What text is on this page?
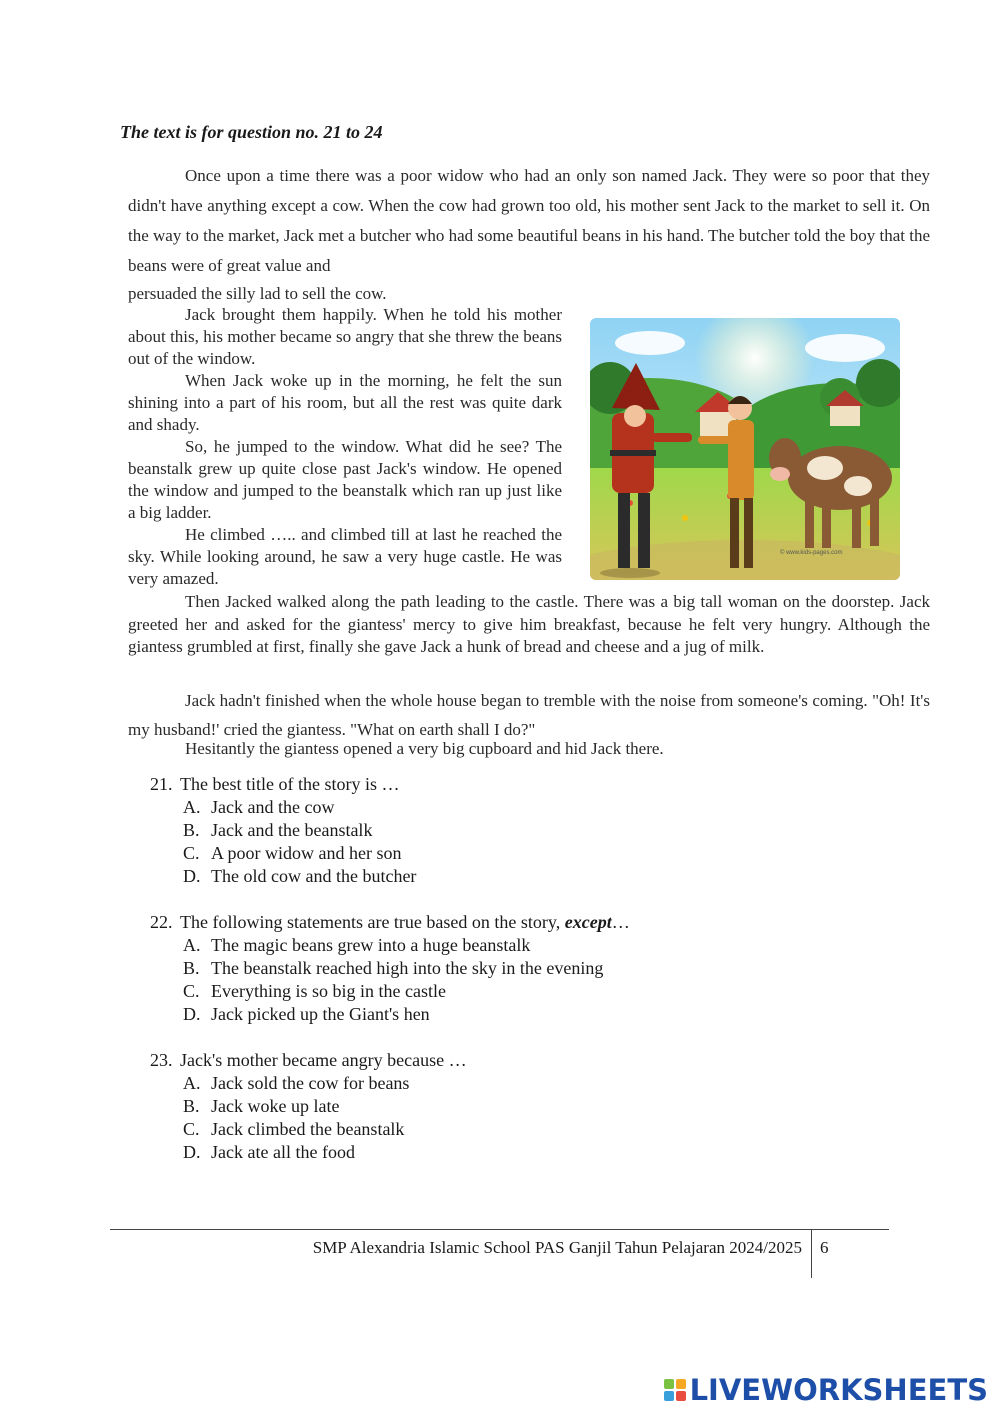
The text is for question no. 21 to 24

Once upon a time there was a poor widow who had an only son named Jack. They were so poor that they didn't have anything except a cow. When the cow had grown too old, his mother sent Jack to the market to sell it. On the way to the market, Jack met a butcher who had some beautiful beans in his hand. The butcher told the boy that the beans were of great value and

persuaded the silly lad to sell the cow.

Jack brought them happily. When he told his mother about this, his mother became so angry that she threw the beans out of the window.

When Jack woke up in the morning, he felt the sun shining into a part of his room, but all the rest was quite dark and shady.

So, he jumped to the window. What did he see? The beanstalk grew up quite close past Jack's window. He opened the window and jumped to the beanstalk which ran up just like a big ladder.

He climbed ….. and climbed till at last he reached the sky. While looking around, he saw a very huge castle. He was very amazed.

© www.kids-pages.com

Then Jacked walked along the path leading to the castle. There was a big tall woman on the doorstep. Jack greeted her and asked for the giantess' mercy to give him breakfast, because he felt very hungry. Although the giantess grumbled at first, finally she gave Jack a hunk of bread and cheese and a jug of milk.

Jack hadn't finished when the whole house began to tremble with the noise from someone's coming. "Oh! It's my husband!' cried the giantess. "What on earth shall I do?"

Hesitantly the giantess opened a very big cupboard and hid Jack there.

21. The best title of the story is …
A. Jack and the cow
B. Jack and the beanstalk
C. A poor widow and her son
D. The old cow and the butcher
22. The following statements are true based on the story, except…
A. The magic beans grew into a huge beanstalk
B. The beanstalk reached high into the sky in the evening
C. Everything is so big in the castle
D. Jack picked up the Giant's hen
23. Jack's mother became angry because …
A. Jack sold the cow for beans
B. Jack woke up late
C. Jack climbed the beanstalk
D. Jack ate all the food
SMP Alexandria Islamic School PAS Ganjil Tahun Pelajaran 2024/2025 6
LIVEWORKSHEETS
